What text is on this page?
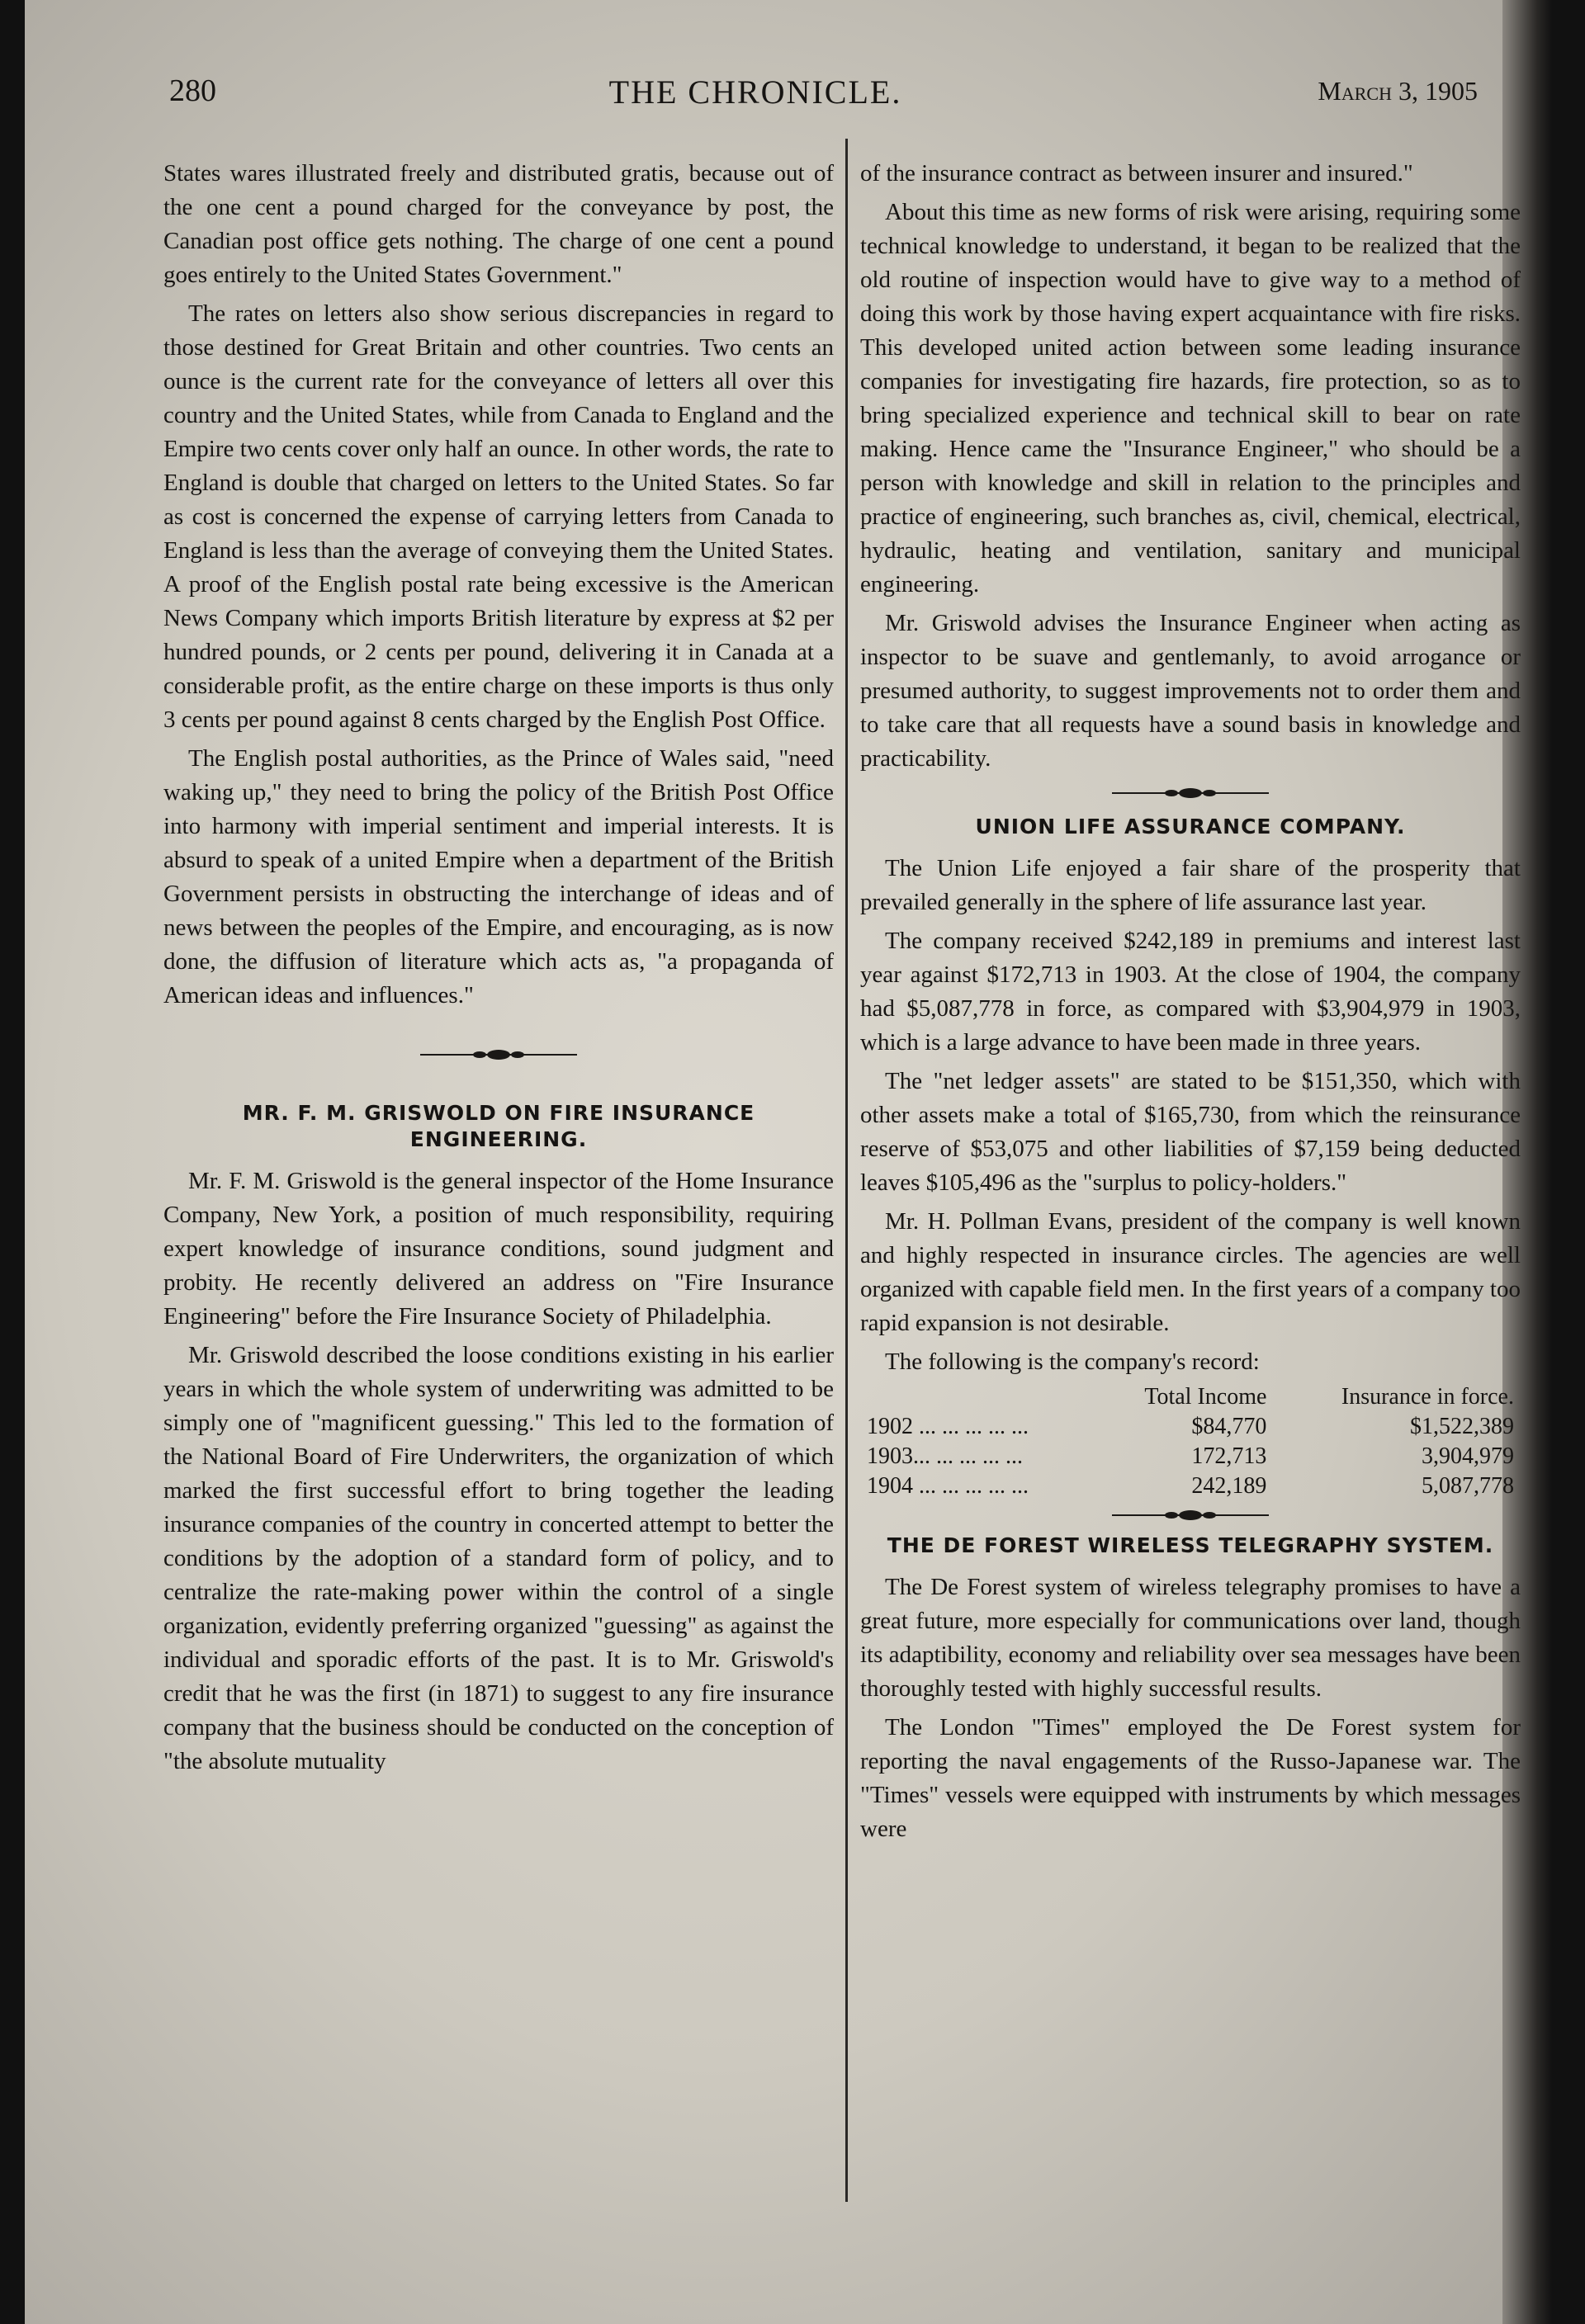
280	THE CHRONICLE.	March 3, 1905

States wares illustrated freely and distributed gratis, because out of the one cent a pound charged for the conveyance by post, the Canadian post office gets nothing. The charge of one cent a pound goes entirely to the United States Government."

The rates on letters also show serious discrepancies in regard to those destined for Great Britain and other countries. Two cents an ounce is the current rate for the conveyance of letters all over this country and the United States, while from Canada to England and the Empire two cents cover only half an ounce. In other words, the rate to England is double that charged on letters to the United States. So far as cost is concerned the expense of carrying letters from Canada to England is less than the average of conveying them the United States. A proof of the English postal rate being excessive is the American News Company which imports British literature by express at $2 per hundred pounds, or 2 cents per pound, delivering it in Canada at a considerable profit, as the entire charge on these imports is thus only 3 cents per pound against 8 cents charged by the English Post Office.

The English postal authorities, as the Prince of Wales said, "need waking up," they need to bring the policy of the British Post Office into harmony with imperial sentiment and imperial interests. It is absurd to speak of a united Empire when a department of the British Government persists in obstructing the interchange of ideas and of news between the peoples of the Empire, and encouraging, as is now done, the diffusion of literature which acts as, "a propaganda of American ideas and influences."

MR. F. M. GRISWOLD ON FIRE INSURANCE ENGINEERING.

Mr. F. M. Griswold is the general inspector of the Home Insurance Company, New York, a position of much responsibility, requiring expert knowledge of insurance conditions, sound judgment and probity. He recently delivered an address on "Fire Insurance Engineering" before the Fire Insurance Society of Philadelphia.

Mr. Griswold described the loose conditions existing in his earlier years in which the whole system of underwriting was admitted to be simply one of "magnificent guessing." This led to the formation of the National Board of Fire Underwriters, the organization of which marked the first successful effort to bring together the leading insurance companies of the country in concerted attempt to better the conditions by the adoption of a standard form of policy, and to centralize the rate-making power within the control of a single organization, evidently preferring organized "guessing" as against the individual and sporadic efforts of the past. It is to Mr. Griswold's credit that he was the first (in 1871) to suggest to any fire insurance company that the business should be conducted on the conception of "the absolute mutuality

of the insurance contract as between insurer and insured."

About this time as new forms of risk were arising, requiring some technical knowledge to understand, it began to be realized that the old routine of inspection would have to give way to a method of doing this work by those having expert acquaintance with fire risks. This developed united action between some leading insurance companies for investigating fire hazards, fire protection, so as to bring specialized experience and technical skill to bear on rate making. Hence came the "Insurance Engineer," who should be a person with knowledge and skill in relation to the principles and practice of engineering, such branches as, civil, chemical, electrical, hydraulic, heating and ventilation, sanitary and municipal engineering.

Mr. Griswold advises the Insurance Engineer when acting as inspector to be suave and gentlemanly, to avoid arrogance or presumed authority, to suggest improvements not to order them and to take care that all requests have a sound basis in knowledge and practicability.

UNION LIFE ASSURANCE COMPANY.

The Union Life enjoyed a fair share of the prosperity that prevailed generally in the sphere of life assurance last year.

The company received $242,189 in premiums and interest last year against $172,713 in 1903. At the close of 1904, the company had $5,087,778 in force, as compared with $3,904,979 in 1903, which is a large advance to have been made in three years.

The "net ledger assets" are stated to be $151,350, which with other assets make a total of $165,730, from which the reinsurance reserve of $53,075 and other liabilities of $7,159 being deducted leaves $105,496 as the "surplus to policy-holders."

Mr. H. Pollman Evans, president of the company is well known and highly respected in insurance circles. The agencies are well organized with capable field men. In the first years of a company too rapid expansion is not desirable.

The following is the company's record:

	Total Income	Insurance in force.
1902 ... ... ... ... ...	$84,770	$1,522,389
1903... ... ... ... ...	172,713	3,904,979
1904 ... ... ... ... ...	242,189	5,087,778
THE DE FOREST WIRELESS TELEGRAPHY SYSTEM.

The De Forest system of wireless telegraphy promises to have a great future, more especially for communications over land, though its adaptibility, economy and reliability over sea messages have been thoroughly tested with highly successful results.

The London "Times" employed the De Forest system for reporting the naval engagements of the Russo-Japanese war. The "Times" vessels were equipped with instruments by which messages were
